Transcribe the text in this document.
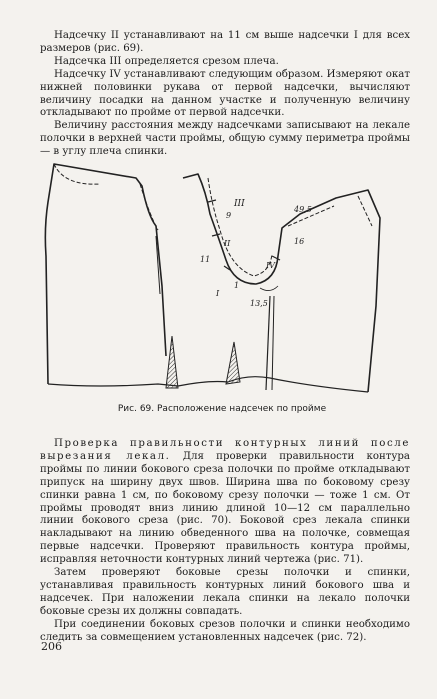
Надсечку II устанавливают на 11 см выше надсечки I для всех размеров (рис. 69).

Надсечка III определяется срезом плеча.

Надсечку IV устанавливают следующим образом. Измеряют окат нижней половинки рукава от первой надсечки, вычисляют величину посадки на данном участке и полученную величину откладывают по пройме от первой надсечки.

Величину расстояния между надсечками записывают на лекале полочки в верхней части проймы, общую сумму периметра проймы — в углу плеча спинки.

III
9
II
11
I
1
IV
16
49,5
13,5
Рис. 69. Расположение надсечек по пройме

Проверка правильности контурных линий после вырезания лекал. Для проверки правильности контура проймы по линии бокового среза полочки по пройме откладывают припуск на ширину двух швов. Ширина шва по боковому срезу спинки равна 1 см, по боковому срезу полочки — тоже 1 см. От проймы проводят вниз линию длиной 10—12 см параллельно линии бокового среза (рис. 70). Боковой срез лекала спинки накладывают на линию обведенного шва на полочке, совмещая первые надсечки. Проверяют правильность контура проймы, исправляя неточности контурных линий чертежа (рис. 71).

Затем проверяют боковые срезы полочки и спинки, устанавливая правильность контурных линий бокового шва и надсечек. При наложении лекала спинки на лекало полочки боковые срезы их должны совпадать.

При соединении боковых срезов полочки и спинки необходимо следить за совмещением установленных надсечек (рис. 72).

206
